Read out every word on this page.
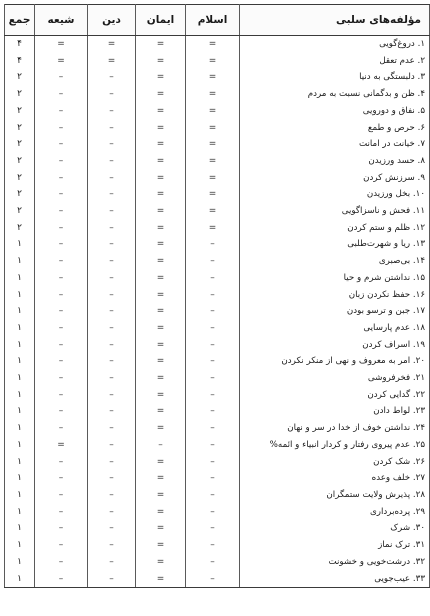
مؤلفه‌های سلبی	اسلام	ایمان	دین	شیعه	جمع
۱. دروغ‌گویی	=	=	=	=	۴
۲. عدم تعقل	=	=	=	=	۴
۳. دلبستگی به دنیا	=	=	–	–	۲
۴. ظن و بدگمانی نسبت به مردم	=	=	–	–	۲
۵. نفاق و دورویی	=	=	–	–	۲
۶. حرص و طمع	=	=	–	–	۲
۷. خیانت در امانت	=	=	–	–	۲
۸. حسد ورزیدن	=	=	–	–	۲
۹. سرزنش کردن	=	=	–	–	۲
۱۰. بخل ورزیدن	=	=	–	–	۲
۱۱. فحش و ناسزاگویی	=	=	–	–	۲
۱۲. ظلم و ستم کردن	=	=	–	–	۲
۱۳. ریا و شهرت‌طلبی	–	=	–	–	۱
۱۴. بی‌صبری	–	=	–	–	۱
۱۵. نداشتن شرم و حیا	–	=	–	–	۱
۱۶. حفظ نکردن زبان	–	=	–	–	۱
۱۷. جبن و ترسو بودن	–	=	–	–	۱
۱۸. عدم پارسایی	–	=	–	–	۱
۱۹. اسراف کردن	–	=	–	–	۱
۲۰. امر به معروف و نهی از منکر نکردن	–	=	–	–	۱
۲۱. فخرفروشی	–	=	–	–	۱
۲۲. گدایی کردن	–	=	–	–	۱
۲۳. لواط دادن	–	=	–	–	۱
۲۴. نداشتن خوف از خدا در سر و نهان	–	=	–	–	۱
۲۵. عدم پیروی رفتار و کردار انبیاء و ائمه%	–	–	–	=	۱
۲۶. شک کردن	–	=	–	–	۱
۲۷. خلف وعده	–	=	–	–	۱
۲۸. پذیرش ولایت ستمگران	–	=	–	–	۱
۲۹. پرده‌برداری	–	=	–	–	۱
۳۰. شرک	–	=	–	–	۱
۳۱. ترک نماز	–	=	–	–	۱
۳۲. درشت‌خویی و خشونت	–	=	–	–	۱
۳۳. عیب‌جویی	–	=	–	–	۱
